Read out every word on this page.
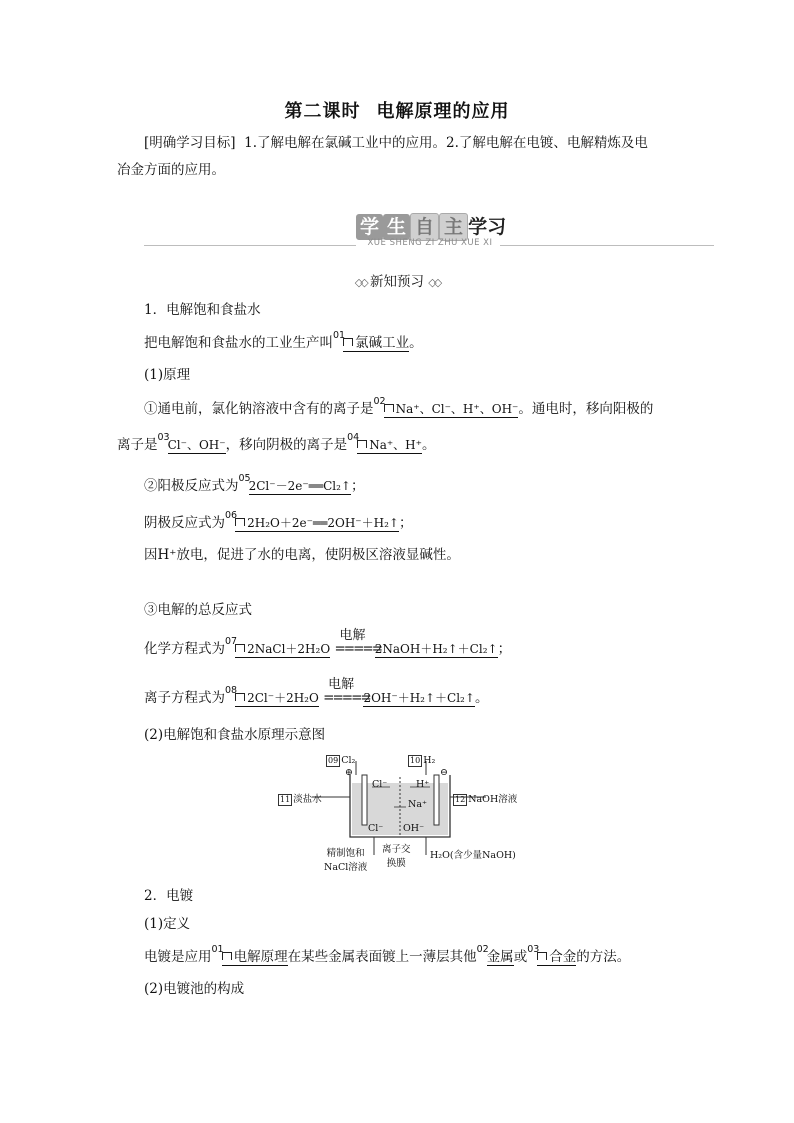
第二课时 电解原理的应用
[明确学习目标] 1.了解电解在氯碱工业中的应用。2.了解电解在电镀、电解精炼及电
冶金方面的应用。
学 生 自 主 学习
XUE SHENG ZI ZHU XUE XI
◇◇ 新知预习 ◇◇
1．电解饱和食盐水
把电解饱和食盐水的工业生产叫$^{01}$ 氯碱工业。
(1)原理
①通电前，氯化钠溶液中含有的离子是$^{02}$Na⁺、Cl⁻、H⁺、OH⁻。通电时，移向阳极的
离子是$^{03}$Cl⁻、OH⁻，移向阴极的离子是$^{04}$Na⁺、H⁺。
②阳极反应式为$^{05}$2Cl⁻－2e⁻══Cl₂↑；
阴极反应式为$^{06}$2H₂O＋2e⁻══2OH⁻＋H₂↑；
因H⁺放电，促进了水的电离，使阴极区溶液显碱性。
③电解的总反应式
化学方程式为$^{07}$2NaCl＋2H₂O
电解
===== 2NaOH＋H₂↑＋Cl₂↑；
离子方程式为$^{08}$2Cl⁻＋2H₂O
电解
===== 2OH⁻＋H₂↑＋Cl₂↑。
(2)电解饱和食盐水原理示意图
09 Cl₂	10 H₂
⊕	⊖
11 淡盐水	12 NaOH溶液
Cl⁻	H⁺
Na⁺
Cl⁻ OH⁻
精制饱和
NaCl溶液
离子交
换膜
H₂O(含少量NaOH)
2．电镀
(1)定义
电镀是应用$^{01}$ 电解原理在某些金属表面镀上一薄层其他$^{02}$金属或$^{03}$ 合金的方法。
(2)电镀池的构成
